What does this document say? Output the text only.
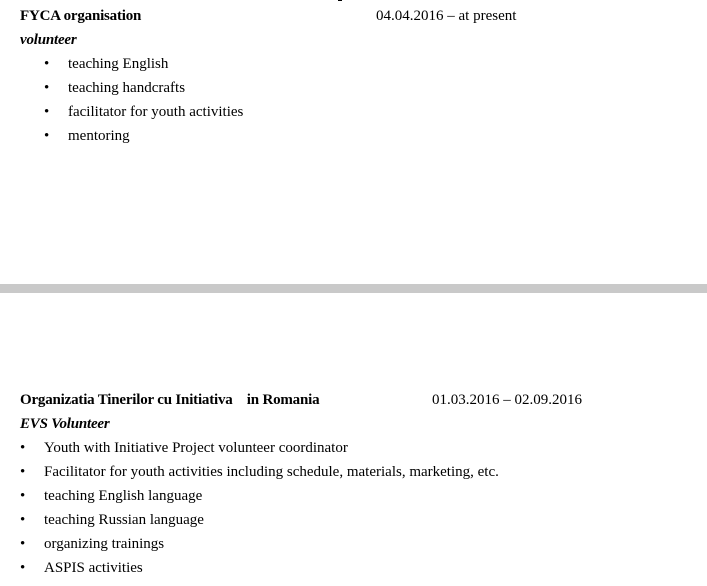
FYCA organisation	04.04.2016 – at present
volunteer
• teaching English
• teaching handcrafts
• facilitator for youth activities
• mentoring
Organizatia Tinerilor cu Initiativa    in Romania	01.03.2016 – 02.09.2016
EVS Volunteer
• Youth with Initiative Project volunteer coordinator
• Facilitator for youth activities including schedule, materials, marketing, etc.
• teaching English language
• teaching Russian language
• organizing trainings
• ASPIS activities
